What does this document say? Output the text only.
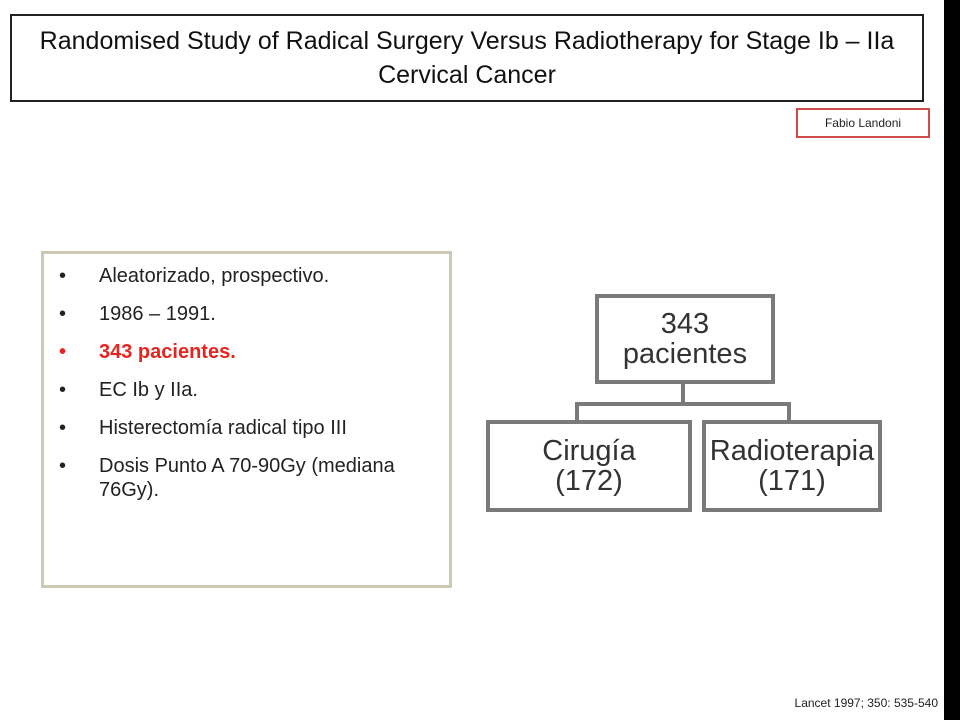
Randomised Study of Radical Surgery Versus Radiotherapy for Stage Ib – IIa Cervical Cancer
Fabio Landoni
• Aleatorizado, prospectivo.
• 1986 – 1991.
• 343 pacientes.
• EC Ib y IIa.
• Histerectomía radical tipo III
• Dosis Punto A 70-90Gy (mediana 76Gy).
343
pacientes
Cirugía
(172)
Radioterapia
(171)
Lancet 1997; 350: 535-540
